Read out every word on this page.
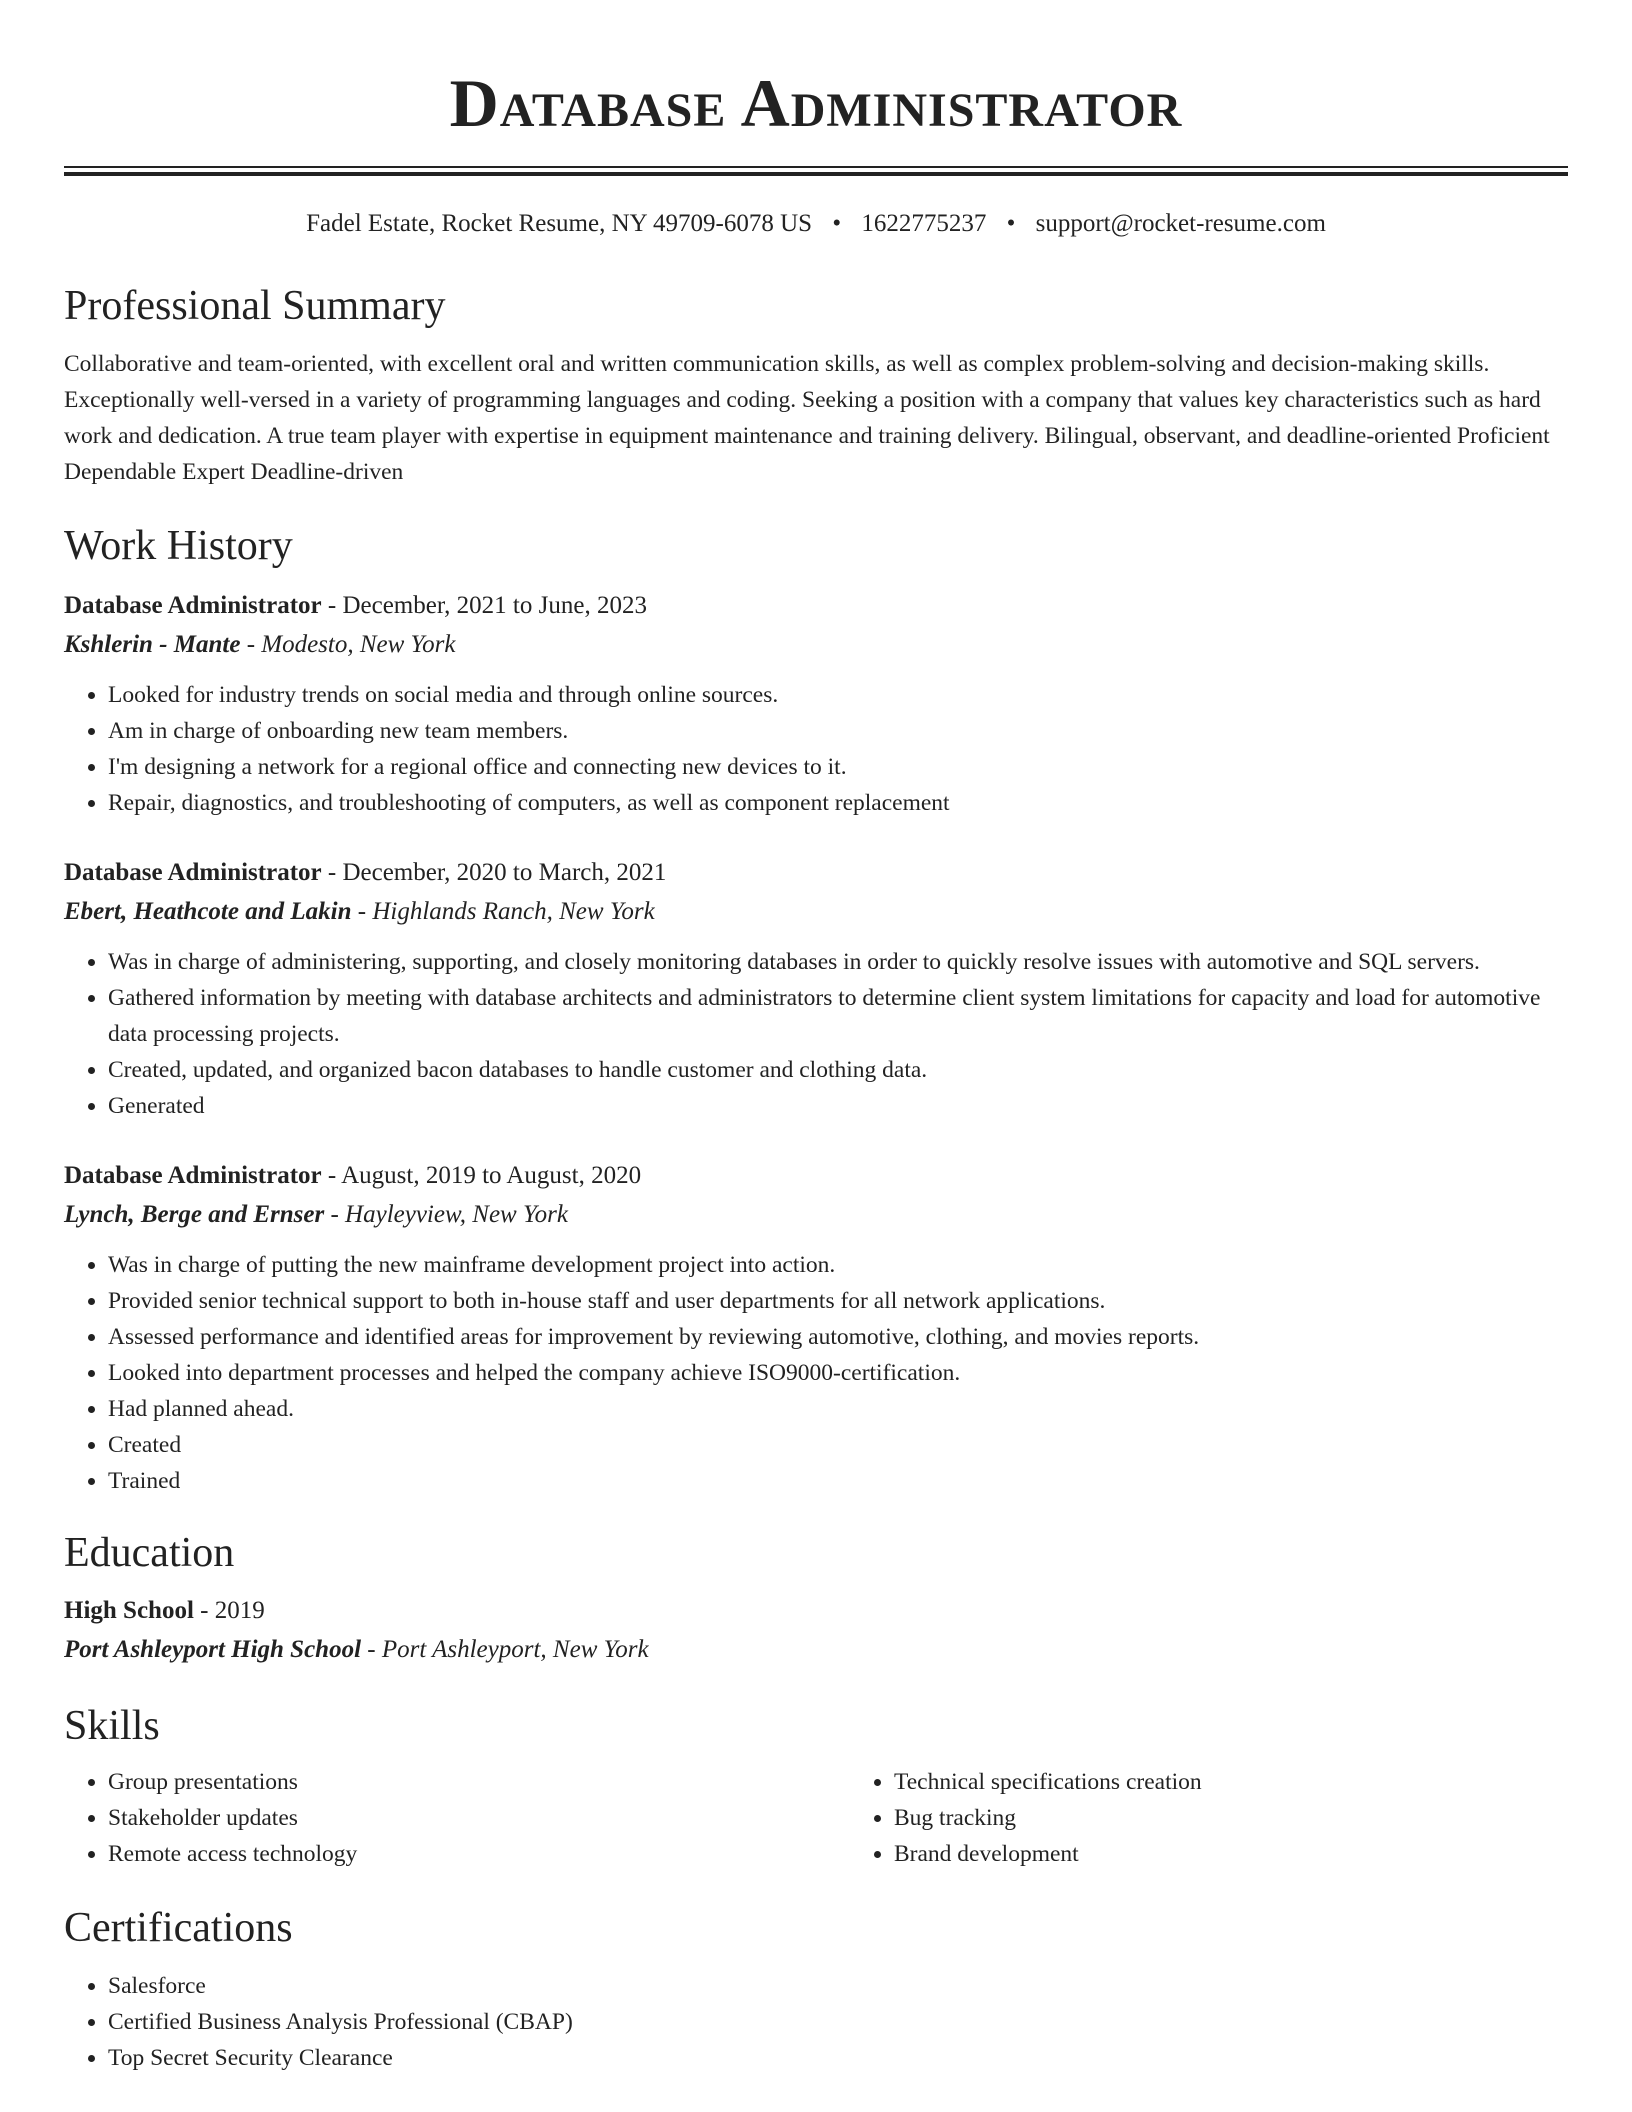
Database Administrator
Fadel Estate, Rocket Resume, NY 49709-6078 US • 1622775237 • support@rocket-resume.com
Professional Summary
Collaborative and team-oriented, with excellent oral and written communication skills, as well as complex problem-solving and decision-making skills. Exceptionally well-versed in a variety of programming languages and coding. Seeking a position with a company that values key characteristics such as hard work and dedication. A true team player with expertise in equipment maintenance and training delivery. Bilingual, observant, and deadline-oriented Proficient Dependable Expert Deadline-driven
Work History
Database Administrator - December, 2021 to June, 2023
Kshlerin - Mante - Modesto, New York
• Looked for industry trends on social media and through online sources.
• Am in charge of onboarding new team members.
• I'm designing a network for a regional office and connecting new devices to it.
• Repair, diagnostics, and troubleshooting of computers, as well as component replacement
Database Administrator - December, 2020 to March, 2021
Ebert, Heathcote and Lakin - Highlands Ranch, New York
• Was in charge of administering, supporting, and closely monitoring databases in order to quickly resolve issues with automotive and SQL servers.
• Gathered information by meeting with database architects and administrators to determine client system limitations for capacity and load for automotive data processing projects.
• Created, updated, and organized bacon databases to handle customer and clothing data.
• Generated
Database Administrator - August, 2019 to August, 2020
Lynch, Berge and Ernser - Hayleyview, New York
• Was in charge of putting the new mainframe development project into action.
• Provided senior technical support to both in-house staff and user departments for all network applications.
• Assessed performance and identified areas for improvement by reviewing automotive, clothing, and movies reports.
• Looked into department processes and helped the company achieve ISO9000-certification.
• Had planned ahead.
• Created
• Trained
Education
High School - 2019
Port Ashleyport High School - Port Ashleyport, New York
Skills
• Group presentations
• Stakeholder updates
• Remote access technology
• Technical specifications creation
• Bug tracking
• Brand development
Certifications
• Salesforce
• Certified Business Analysis Professional (CBAP)
• Top Secret Security Clearance
